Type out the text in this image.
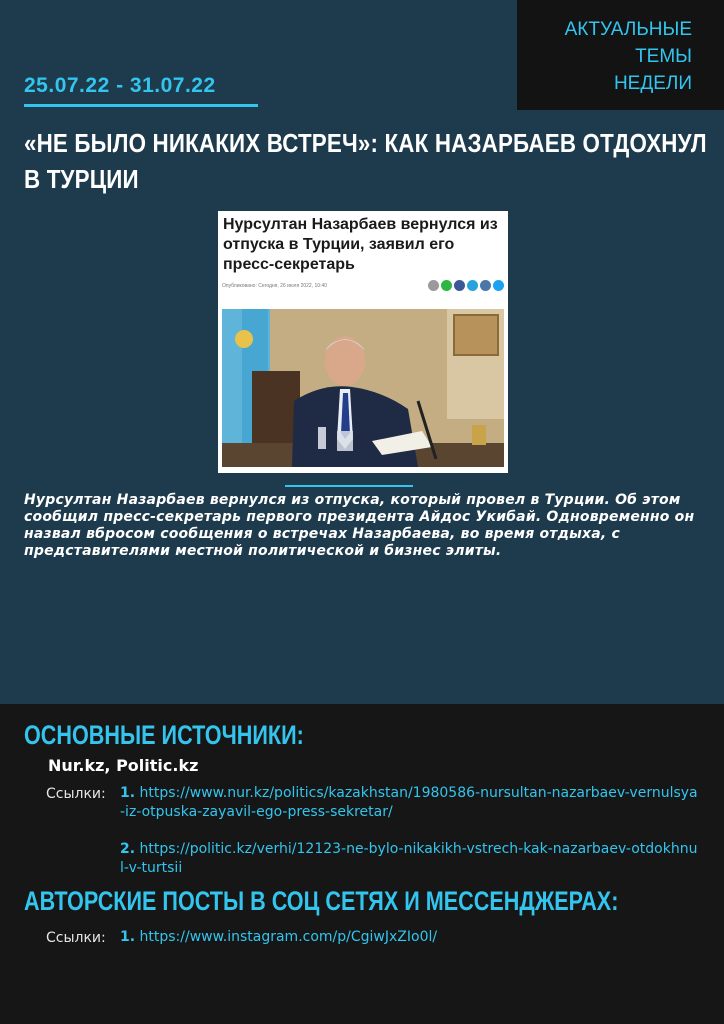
АКТУАЛЬНЫЕ ТЕМЫ
НЕДЕЛИ
25.07.22 - 31.07.22
«НЕ БЫЛО НИКАКИХ ВСТРЕЧ»: КАК НАЗАРБАЕВ ОТДОХНУЛ В ТУРЦИИ
Нурсултан Назарбаев вернулся из отпуска в Турции, заявил его пресс-секретарь
Опубликовано: Сегодня, 26 июля 2022, 10:40
Нурсултан Назарбаев вернулся из отпуска, который провел в Турции. Об этом сообщил пресс-секретарь первого президента Айдос Укибай. Одновременно он назвал вбросом сообщения о встречах Назарбаева, во время отдыха, с представителями местной политической и бизнес элиты.
ОСНОВНЫЕ ИСТОЧНИКИ:
Nur.kz, Politic.kz
Ссылки: 1. https://www.nur.kz/politics/kazakhstan/1980586-nursultan-nazarbaev-vernulsya-iz-otpuska-zayavil-ego-press-sekretar/
2. https://politic.kz/verhi/12123-ne-bylo-nikakikh-vstrech-kak-nazarbaev-otdokhnul-v-turtsii
АВТОРСКИЕ ПОСТЫ В СОЦ СЕТЯХ И МЕССЕНДЖЕРАХ:
Ссылки: 1. https://www.instagram.com/p/CgiwJxZIo0l/
